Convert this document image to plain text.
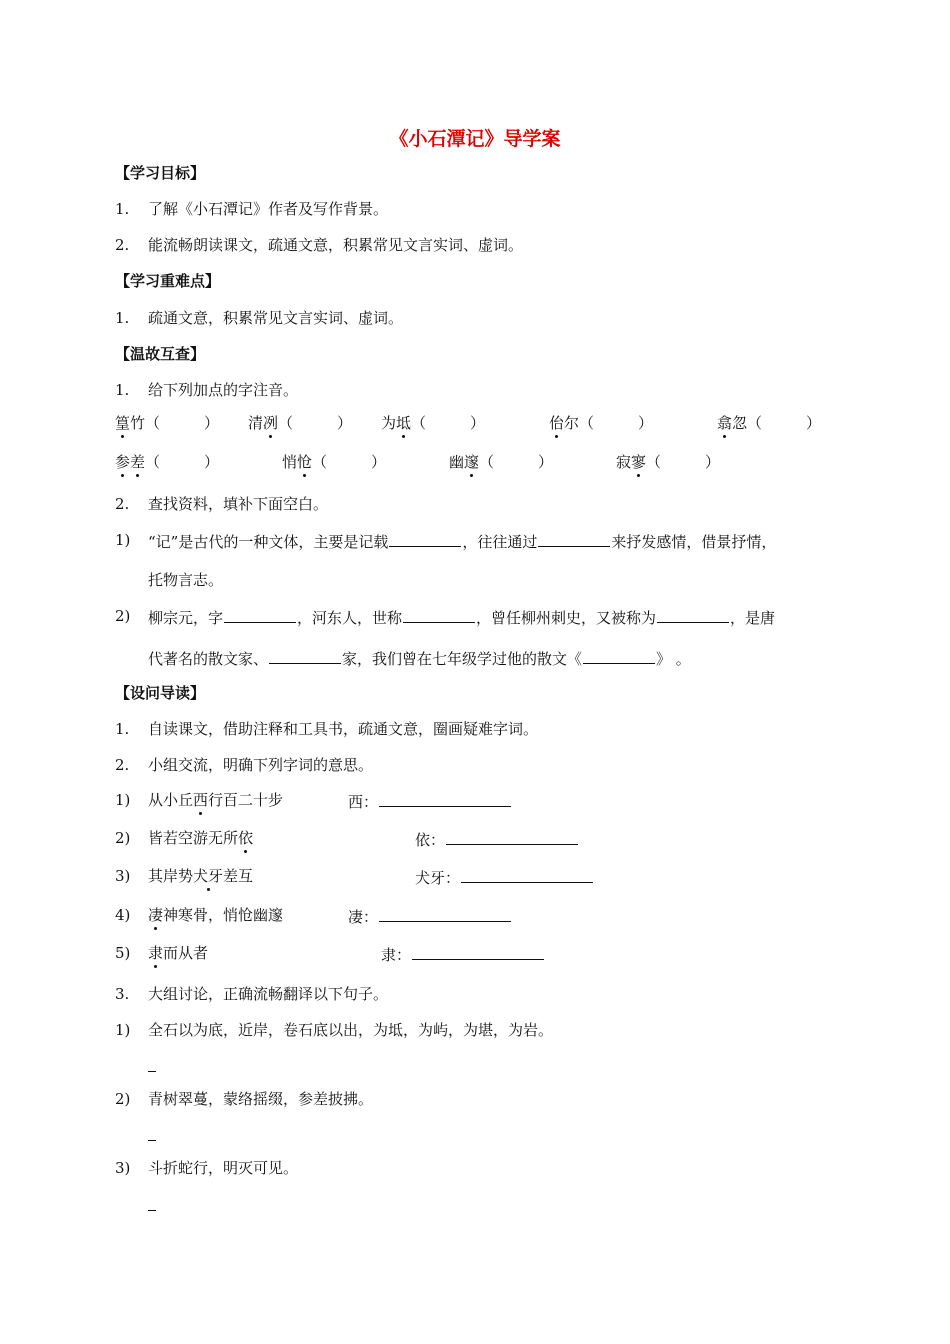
《小石潭记》导学案
【学习目标】
1. 了解《小石潭记》作者及写作背景。
2. 能流畅朗读课文，疏通文意，积累常见文言实词、虚词。
【学习重难点】
1. 疏通文意，积累常见文言实词、虚词。
【温故互查】
1. 给下列加点的字注音。
篁竹（	） 清冽（	） 为坻（	）	佁尔（	）	翕忽（	）
参差（	）	悄怆（	）	幽邃（	）	寂寥（	）
2. 查找资料，填补下面空白。
1) “记”是古代的一种文体，主要是记载	，往往通过	来抒发感情，借景抒情，
托物言志。
2) 柳宗元，字	，河东人，世称	，曾任柳州刺史，又被称为	，是唐
代著名的散文家、	家，我们曾在七年级学过他的散文《	》 。
【设问导读】
1. 自读课文，借助注释和工具书，疏通文意，圈画疑难字词。
2. 小组交流，明确下列字词的意思。
1) 从小丘西行百二十步	西：
2) 皆若空游无所依	依：
3) 其岸势犬牙差互	犬牙：
4) 凄神寒骨，悄怆幽邃	凄：
5) 隶而从者	隶：
3. 大组讨论，正确流畅翻译以下句子。
1) 全石以为底，近岸，卷石底以出，为坻，为屿，为堪，为岩。
2) 青树翠蔓，蒙络摇缀，参差披拂。
3) 斗折蛇行，明灭可见。
